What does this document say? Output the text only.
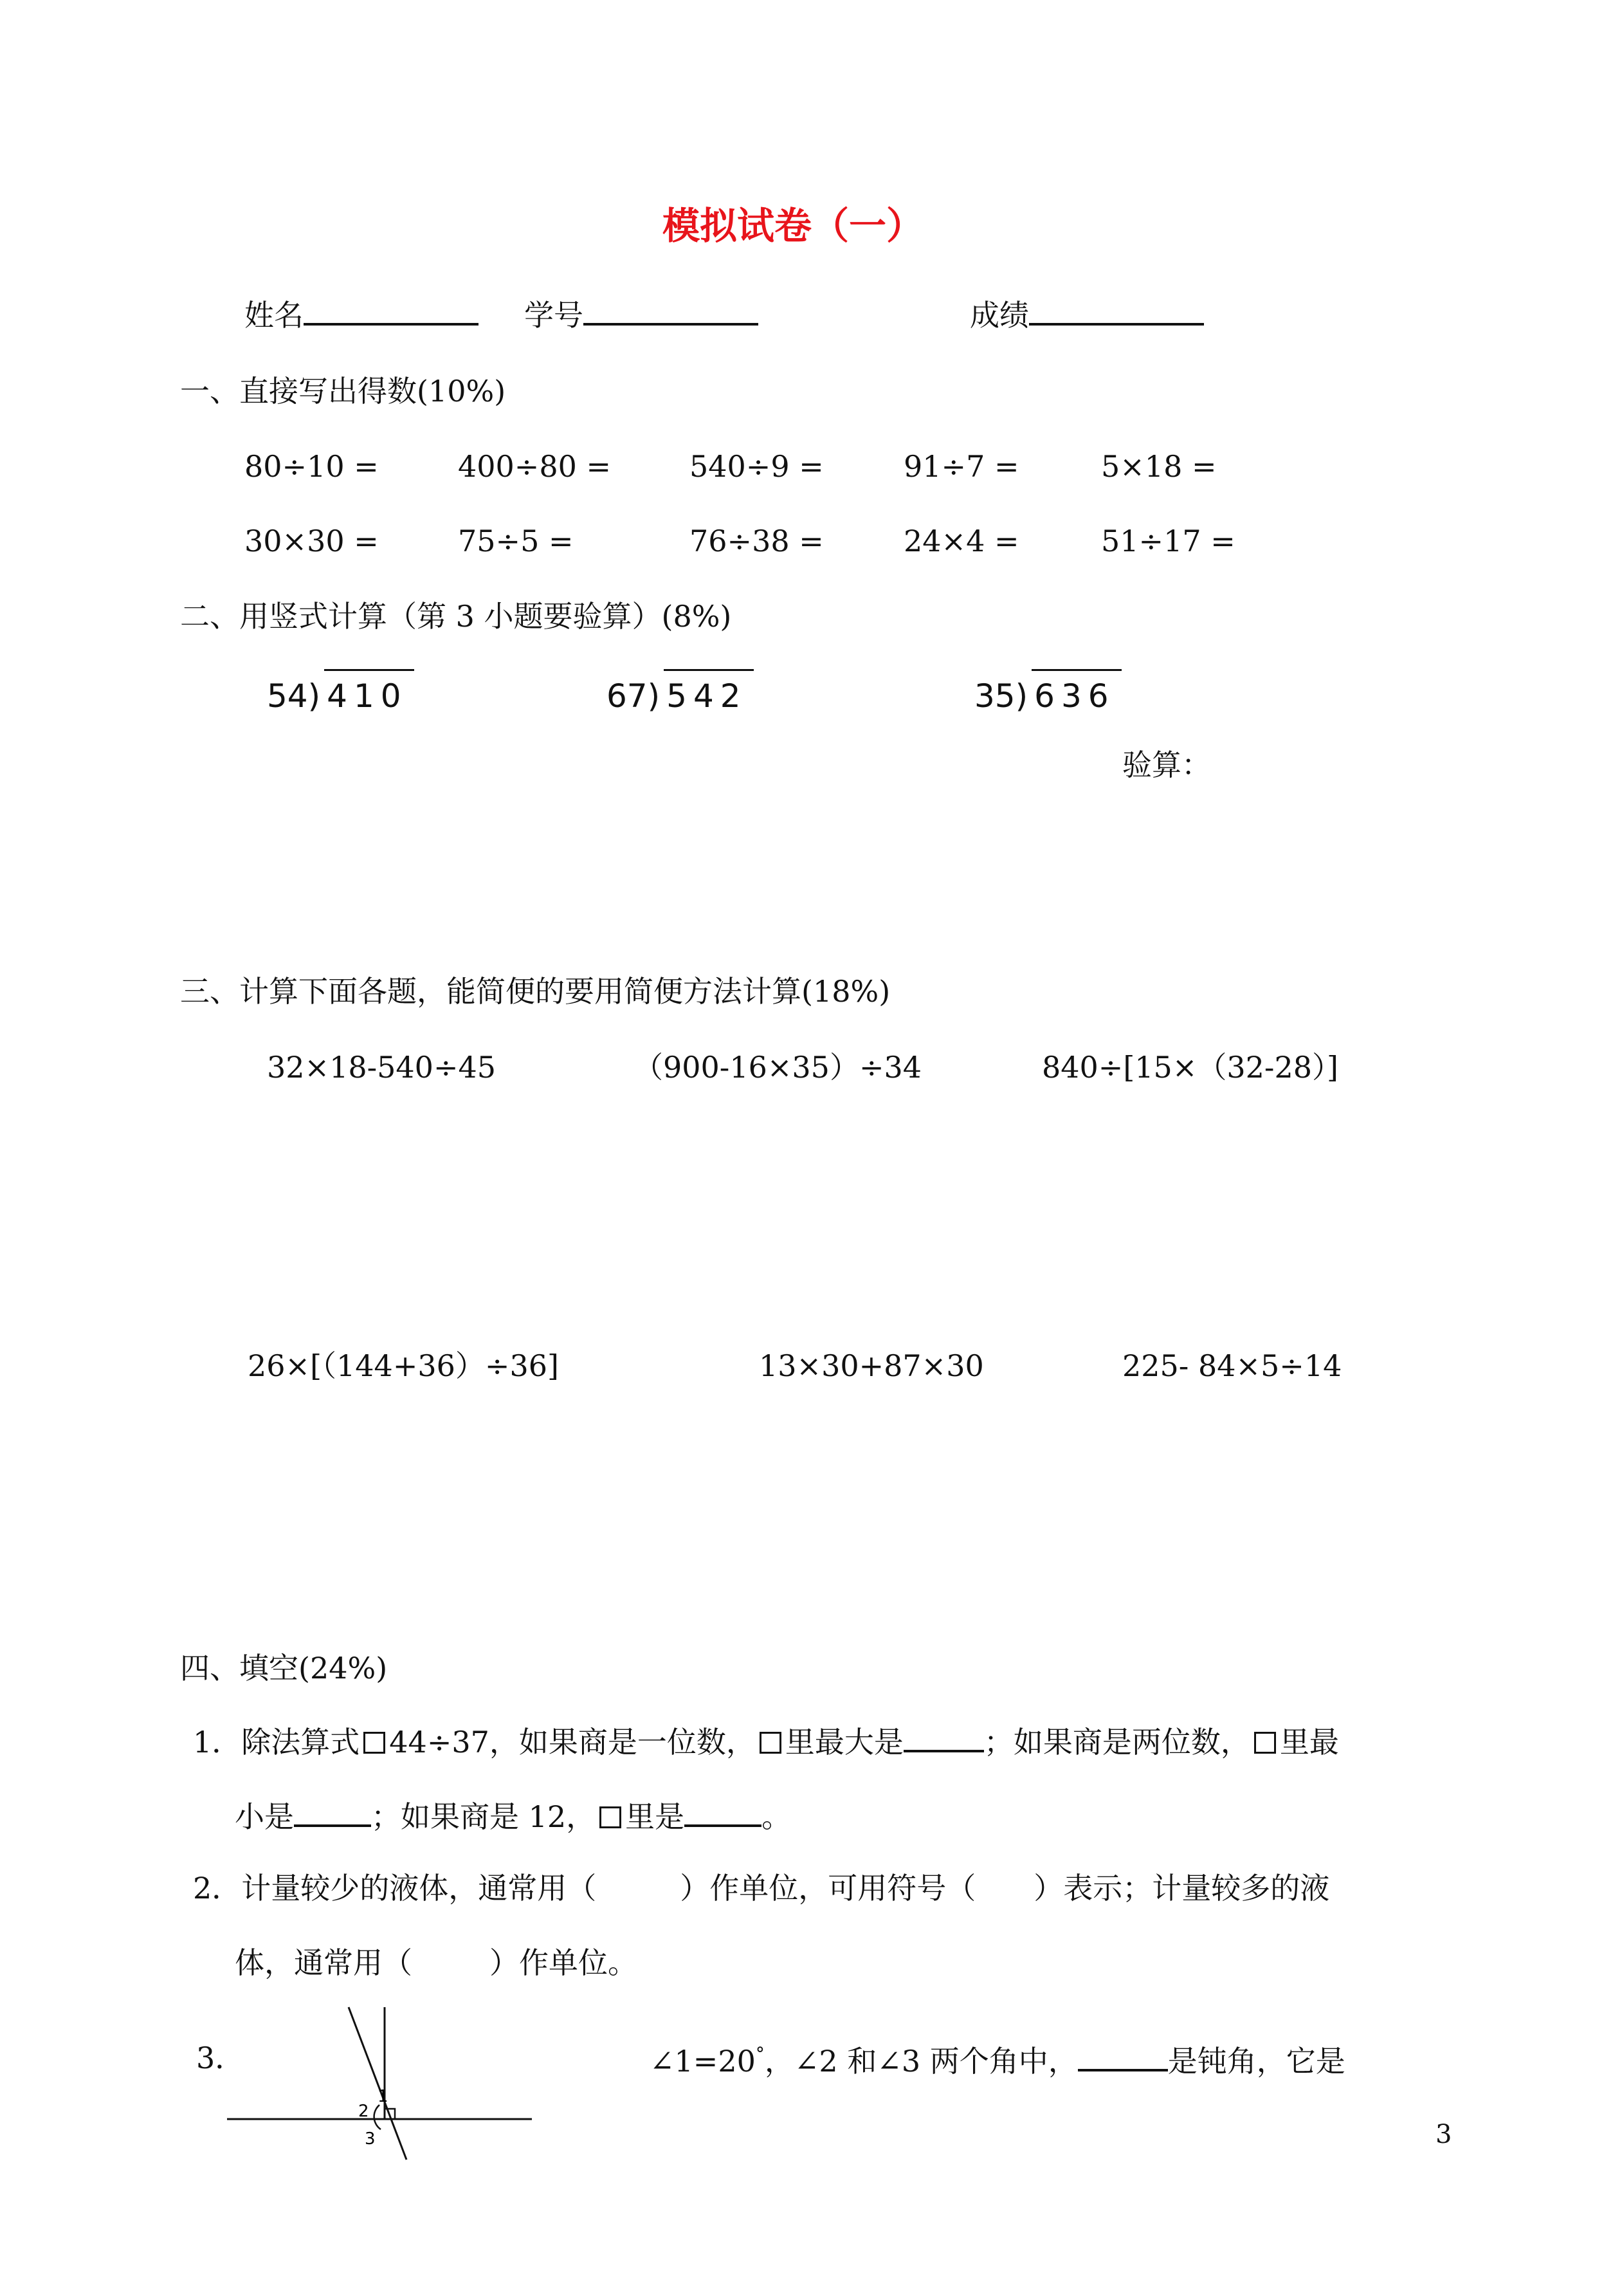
模拟试卷（一）
姓名	学号	成绩
一、直接写出得数(10%)
80÷10 =	400÷80 =	540÷9 =	91÷7 =	5×18 =
30×30 =	75÷5 =	76÷38 =	24×4 =	51÷17 =
二、用竖式计算（第 3 小题要验算）(8%)
54) 410	67) 542	35) 636
验算：
三、计算下面各题，能简便的要用简便方法计算(18%)
32×18-540÷45	（900-16×35）÷34	840÷[15×（32-28）]
26×[（144+36）÷36]	13×30+87×30	225- 84×5÷14
四、填空(24%)
1．除法算式 44÷37，如果商是一位数， 里最大是	；如果商是两位数， 里最
小是	；如果商是 12， 里是	。
2．计量较少的液体，通常用（	）作单位，可用符号（ ）表示；计量较多的液
体，通常用（	）作单位。
3．
1
2
3
∠1=20°，∠2 和∠3 两个角中，	是钝角，它是
3
